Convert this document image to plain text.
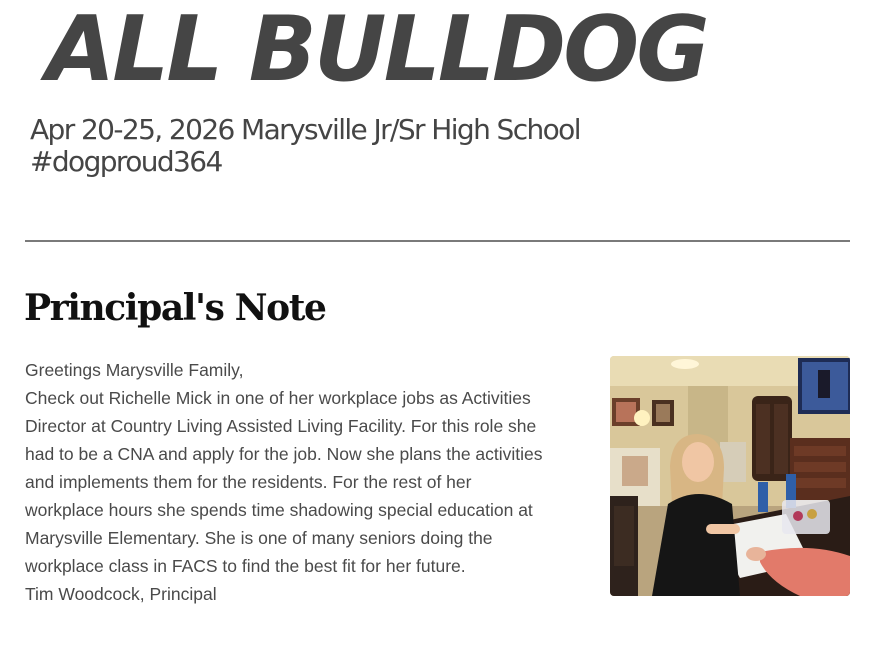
ALL BULLDOG
Apr 20-25, 2026 Marysville Jr/Sr High School
#dogproud364
Principal's Note

Greetings Marysville Family,

Check out Richelle Mick in one of her workplace jobs as Activities

Director at Country Living Assisted Living Facility. For this role she

had to be a CNA and apply for the job. Now she plans the activities

and implements them for the residents. For the rest of her

workplace hours she spends time shadowing special education at

Marysville Elementary. She is one of many seniors doing the

workplace class in FACS to find the best fit for her future.

Tim Woodcock, Principal
